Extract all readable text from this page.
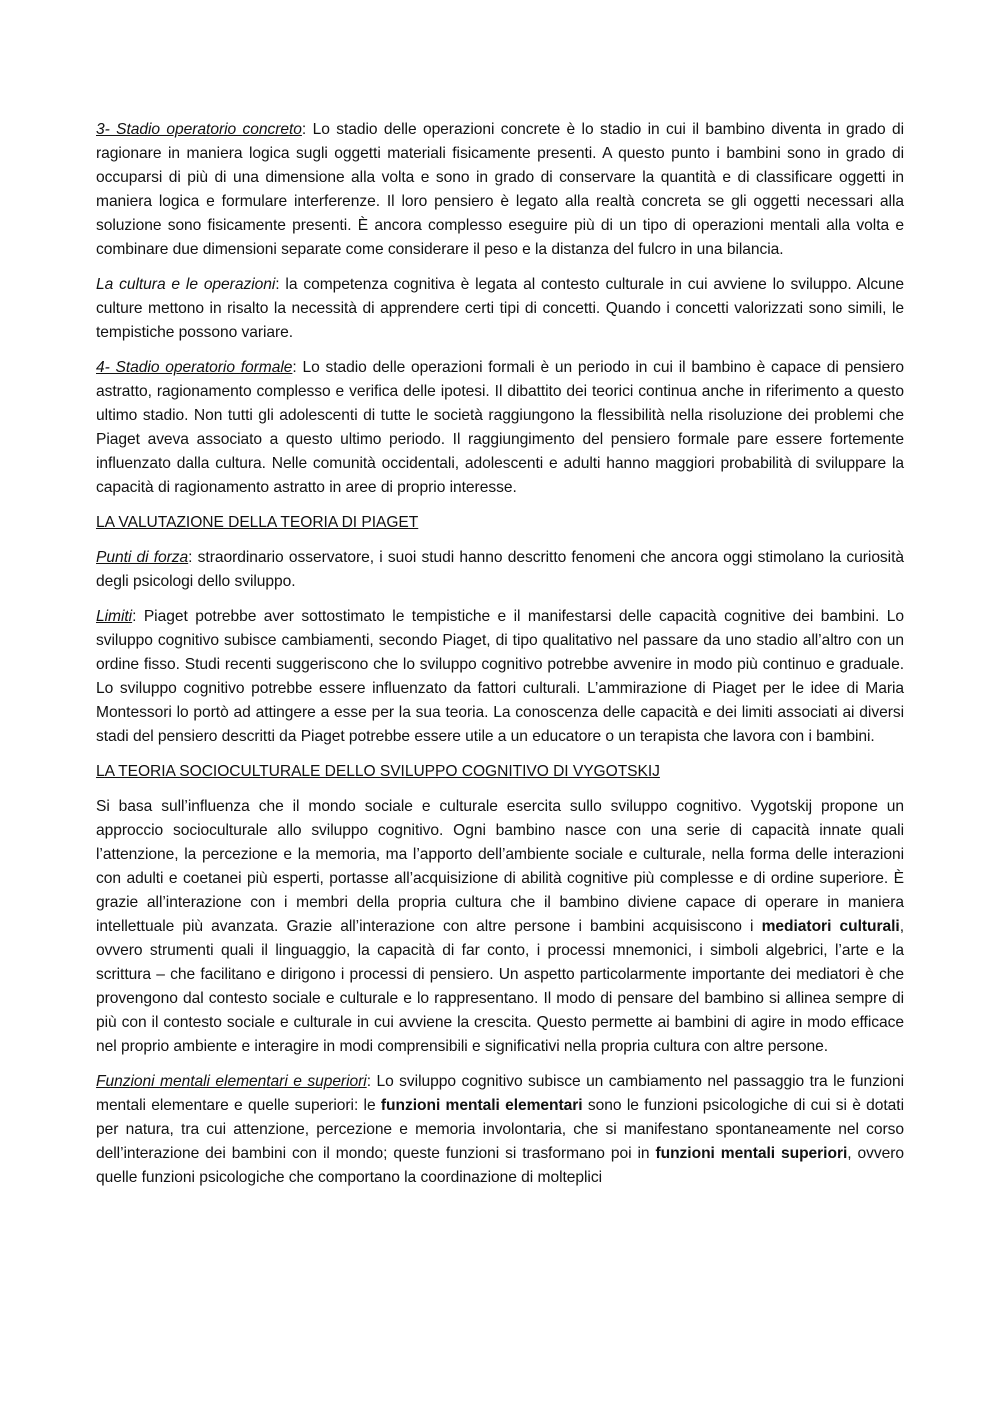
3- Stadio operatorio concreto: Lo stadio delle operazioni concrete è lo stadio in cui il bambino diventa in grado di ragionare in maniera logica sugli oggetti materiali fisicamente presenti. A questo punto i bambini sono in grado di occuparsi di più di una dimensione alla volta e sono in grado di conservare la quantità e di classificare oggetti in maniera logica e formulare interferenze. Il loro pensiero è legato alla realtà concreta se gli oggetti necessari alla soluzione sono fisicamente presenti. È ancora complesso eseguire più di un tipo di operazioni mentali alla volta e combinare due dimensioni separate come considerare il peso e la distanza del fulcro in una bilancia.

La cultura e le operazioni: la competenza cognitiva è legata al contesto culturale in cui avviene lo sviluppo. Alcune culture mettono in risalto la necessità di apprendere certi tipi di concetti. Quando i concetti valorizzati sono simili, le tempistiche possono variare.

4- Stadio operatorio formale: Lo stadio delle operazioni formali è un periodo in cui il bambino è capace di pensiero astratto, ragionamento complesso e verifica delle ipotesi. Il dibattito dei teorici continua anche in riferimento a questo ultimo stadio. Non tutti gli adolescenti di tutte le società raggiungono la flessibilità nella risoluzione dei problemi che Piaget aveva associato a questo ultimo periodo. Il raggiungimento del pensiero formale pare essere fortemente influenzato dalla cultura. Nelle comunità occidentali, adolescenti e adulti hanno maggiori probabilità di sviluppare la capacità di ragionamento astratto in aree di proprio interesse.

LA VALUTAZIONE DELLA TEORIA DI PIAGET

Punti di forza: straordinario osservatore, i suoi studi hanno descritto fenomeni che ancora oggi stimolano la curiosità degli psicologi dello sviluppo.

Limiti: Piaget potrebbe aver sottostimato le tempistiche e il manifestarsi delle capacità cognitive dei bambini. Lo sviluppo cognitivo subisce cambiamenti, secondo Piaget, di tipo qualitativo nel passare da uno stadio all’altro con un ordine fisso. Studi recenti suggeriscono che lo sviluppo cognitivo potrebbe avvenire in modo più continuo e graduale. Lo sviluppo cognitivo potrebbe essere influenzato da fattori culturali. L’ammirazione di Piaget per le idee di Maria Montessori lo portò ad attingere a esse per la sua teoria. La conoscenza delle capacità e dei limiti associati ai diversi stadi del pensiero descritti da Piaget potrebbe essere utile a un educatore o un terapista che lavora con i bambini.

LA TEORIA SOCIOCULTURALE DELLO SVILUPPO COGNITIVO DI VYGOTSKIJ

Si basa sull’influenza che il mondo sociale e culturale esercita sullo sviluppo cognitivo. Vygotskij propone un approccio socioculturale allo sviluppo cognitivo. Ogni bambino nasce con una serie di capacità innate quali l’attenzione, la percezione e la memoria, ma l’apporto dell’ambiente sociale e culturale, nella forma delle interazioni con adulti e coetanei più esperti, portasse all’acquisizione di abilità cognitive più complesse e di ordine superiore. È grazie all’interazione con i membri della propria cultura che il bambino diviene capace di operare in maniera intellettuale più avanzata. Grazie all’interazione con altre persone i bambini acquisiscono i mediatori culturali, ovvero strumenti quali il linguaggio, la capacità di far conto, i processi mnemonici, i simboli algebrici, l’arte e la scrittura – che facilitano e dirigono i processi di pensiero. Un aspetto particolarmente importante dei mediatori è che provengono dal contesto sociale e culturale e lo rappresentano. Il modo di pensare del bambino si allinea sempre di più con il contesto sociale e culturale in cui avviene la crescita. Questo permette ai bambini di agire in modo efficace nel proprio ambiente e interagire in modi comprensibili e significativi nella propria cultura con altre persone.

Funzioni mentali elementari e superiori: Lo sviluppo cognitivo subisce un cambiamento nel passaggio tra le funzioni mentali elementare e quelle superiori: le funzioni mentali elementari sono le funzioni psicologiche di cui si è dotati per natura, tra cui attenzione, percezione e memoria involontaria, che si manifestano spontaneamente nel corso dell’interazione dei bambini con il mondo; queste funzioni si trasformano poi in funzioni mentali superiori, ovvero quelle funzioni psicologiche che comportano la coordinazione di molteplici
